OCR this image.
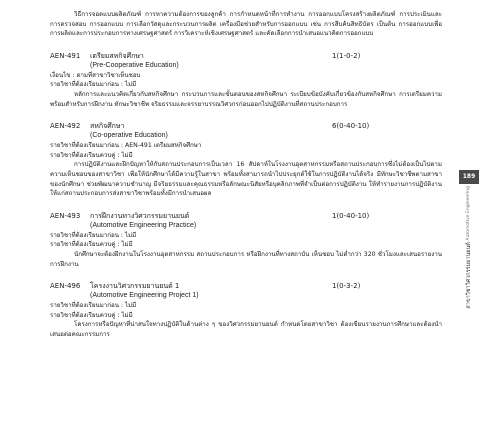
วิธีการจอดแบบผลิตภัณฑ์ การหาความต้องการของลูกค้า การกำหนดหน้าที่การทำงาน การออกแบบโครงสร้างผลิตภัณฑ์ การประเมินและการตรวจสอบ การออกแบบ การเลือกวัสดุและกระบวนการผลิต เครื่องมือช่วยสำหรับการออกแบบ เช่น การสืบค้นสิทธิบัตร เป็นต้น การออกแบบเพื่อการผลิตและการประกอบการทางเศรษฐศาสตร์ การวิเคราะห์เชิงเศรษฐศาสตร์ และคัดเลือกการนำเสนอแนวคิดการออกแบบ

AEN-491	เตรียมสหกิจศึกษา	1(1-0-2)
(Pre-Cooperative Education)
เงื่อนไข : ตามที่สาขาวิชาเห็นชอบ
รายวิชาที่ต้องเรียนมาก่อน : ไม่มี
หลักการและแนวคิดเกี่ยวกับสหกิจศึกษา กระบวนการและขั้นตอนของสหกิจศึกษา ระเบียบข้อบังคับเกี่ยวข้องกับสหกิจศึกษา การเตรียมความพร้อมสำหรับการฝึกงาน ทักษะวิชาชีพ จริยธรรมและจรรยาบรรณวิศวกรก่อนออกไปปฏิบัติงานที่สถานประกอบการ
AEN-492	สหกิจศึกษา	6(0-40-10)
(Co-operative Education)
รายวิชาที่ต้องเรียนมาก่อน : AEN-491 เตรียมสหกิจศึกษา
รายวิชาที่ต้องเรียนควบคู่ : ไม่มี
การปฏิบัติงานและฝึกปัญหาให้กับสถานประกอบการเป็นเวลา 16 สัปดาห์ในโรงงานอุตสาหกรรมหรือสถานประกอบการซึ่งไม่ต้องเป็นไปตามความเห็นชอบของสาขาวิชา เพื่อให้นักศึกษาได้มีความรู้ในสาขา พร้อมทั้งสามารถนำไปประยุกต์ใช้ในการปฏิบัติงานได้จริง มีทักษะวิชาชีพตามสาขาของนักศึกษา ช่วยพัฒนาความชำนาญ มีจริยธรรมและคุณธรรมหรือลักษณะนิสัยหรือบุคลิกภาพที่จำเป็นต่อการปฏิบัติงาน ให้ทำรายงานการปฏิบัติงานให้แก่สถานประกอบการส่งสาขาวิชาพร้อมทั้งมีการนำเสนอผล
AEN-493	การฝึกงานทางวิศวกรรมยานยนต์	1(0-40-10)
(Automotive Engineering Practice)
รายวิชาที่ต้องเรียนมาก่อน : ไม่มี
รายวิชาที่ต้องเรียนควบคู่ : ไม่มี
นักศึกษาจะต้องฝึกงานในโรงงานอุตสาหกรรม สถานประกอบการ หรือฝึกงานที่ทางสถาบัน เห็นชอบ ไม่ต่ำกว่า 320 ชั่วโมงและเสนอรายงานการฝึกงาน
AEN-496	โครงงานวิศวกรรมยานยนต์ 1	1(0-3-2)
(Automotive Engineering Project 1)
รายวิชาที่ต้องเรียนมาก่อน : ไม่มี
รายวิชาที่ต้องเรียนควบคู่ : ไม่มี
โครงการหรือปัญหาที่น่าสนใจทางปฏิบัติในด้านต่าง ๆ ของวิศวกรรมยานยนต์ กำหนดโดยสาขาวิชา ต้องเขียนรายงานการศึกษาและต้องนำเสนอต่อคณะกรรมการ
189
สาขาวิชาวิศวกรรมยานยนต์ Automotive Engineering
